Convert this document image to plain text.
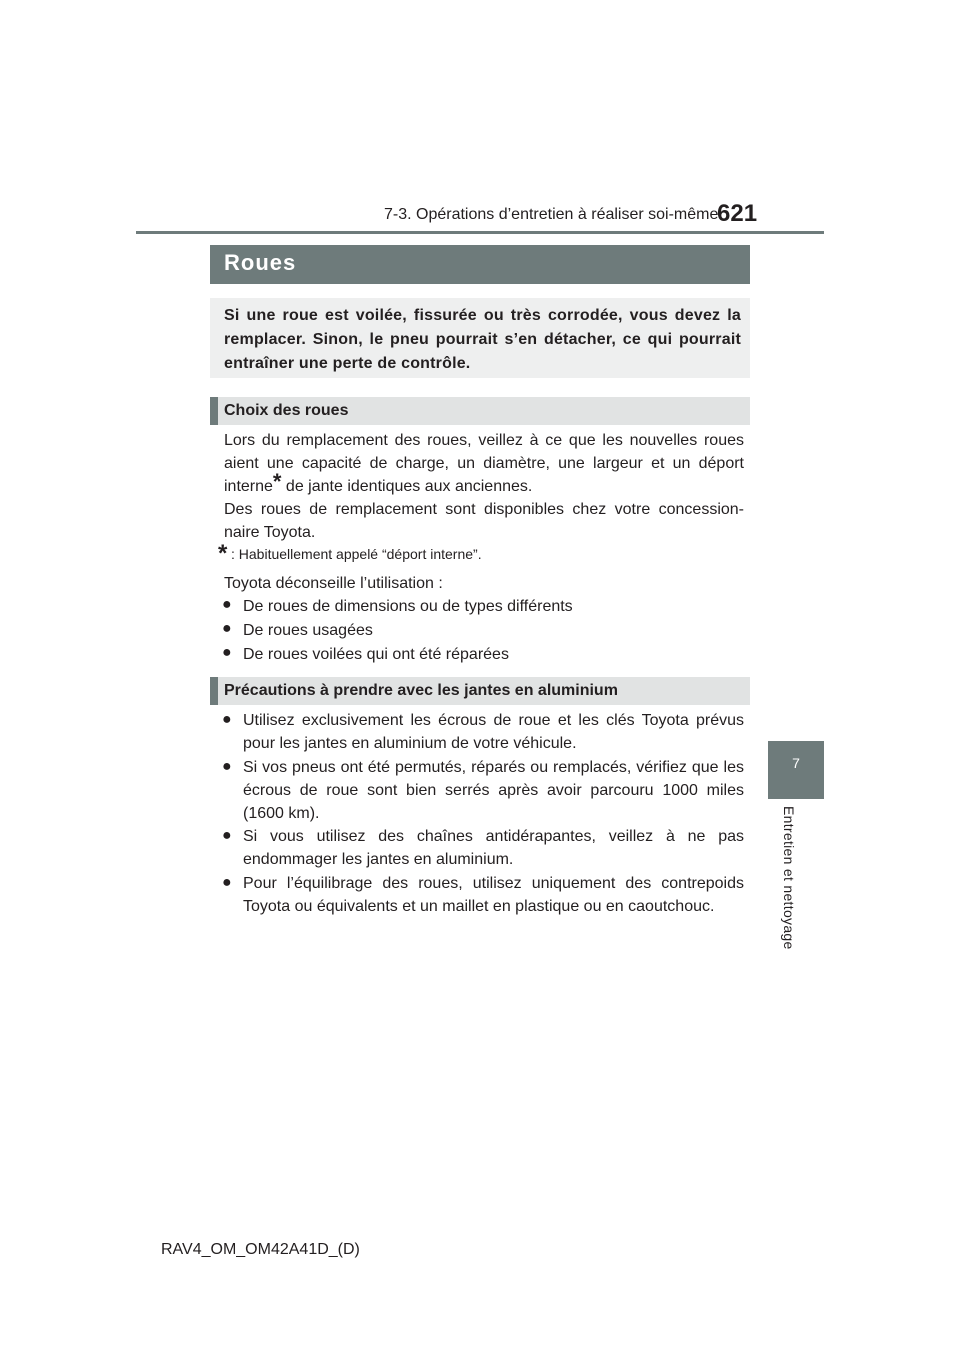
7-3. Opérations d’entretien à réaliser soi-même
621
7
Entretien et nettoyage
Roues
Si une roue est voilée, fissurée ou très corrodée, vous devez la remplacer. Sinon, le pneu pourrait s’en détacher, ce qui pourrait entraîner une perte de contrôle.
Choix des roues
Lors du remplacement des roues, veillez à ce que les nouvelles roues aient une capacité de charge, un diamètre, une largeur et un déport interne* de jante identiques aux anciennes.
Des roues de remplacement sont disponibles chez votre concession-naire Toyota.
* : Habituellement appelé “déport interne”.
Toyota déconseille l’utilisation :
● De roues de dimensions ou de types différents
● De roues usagées
● De roues voilées qui ont été réparées
Précautions à prendre avec les jantes en aluminium
● Utilisez exclusivement les écrous de roue et les clés Toyota prévus pour les jantes en aluminium de votre véhicule.
● Si vos pneus ont été permutés, réparés ou remplacés, vérifiez que les écrous de roue sont bien serrés après avoir parcouru 1000 miles (1600 km).
● Si vous utilisez des chaînes antidérapantes, veillez à ne pas endommager les jantes en aluminium.
● Pour l’équilibrage des roues, utilisez uniquement des contrepoids Toyota ou équivalents et un maillet en plastique ou en caoutchouc.
RAV4_OM_OM42A41D_(D)
